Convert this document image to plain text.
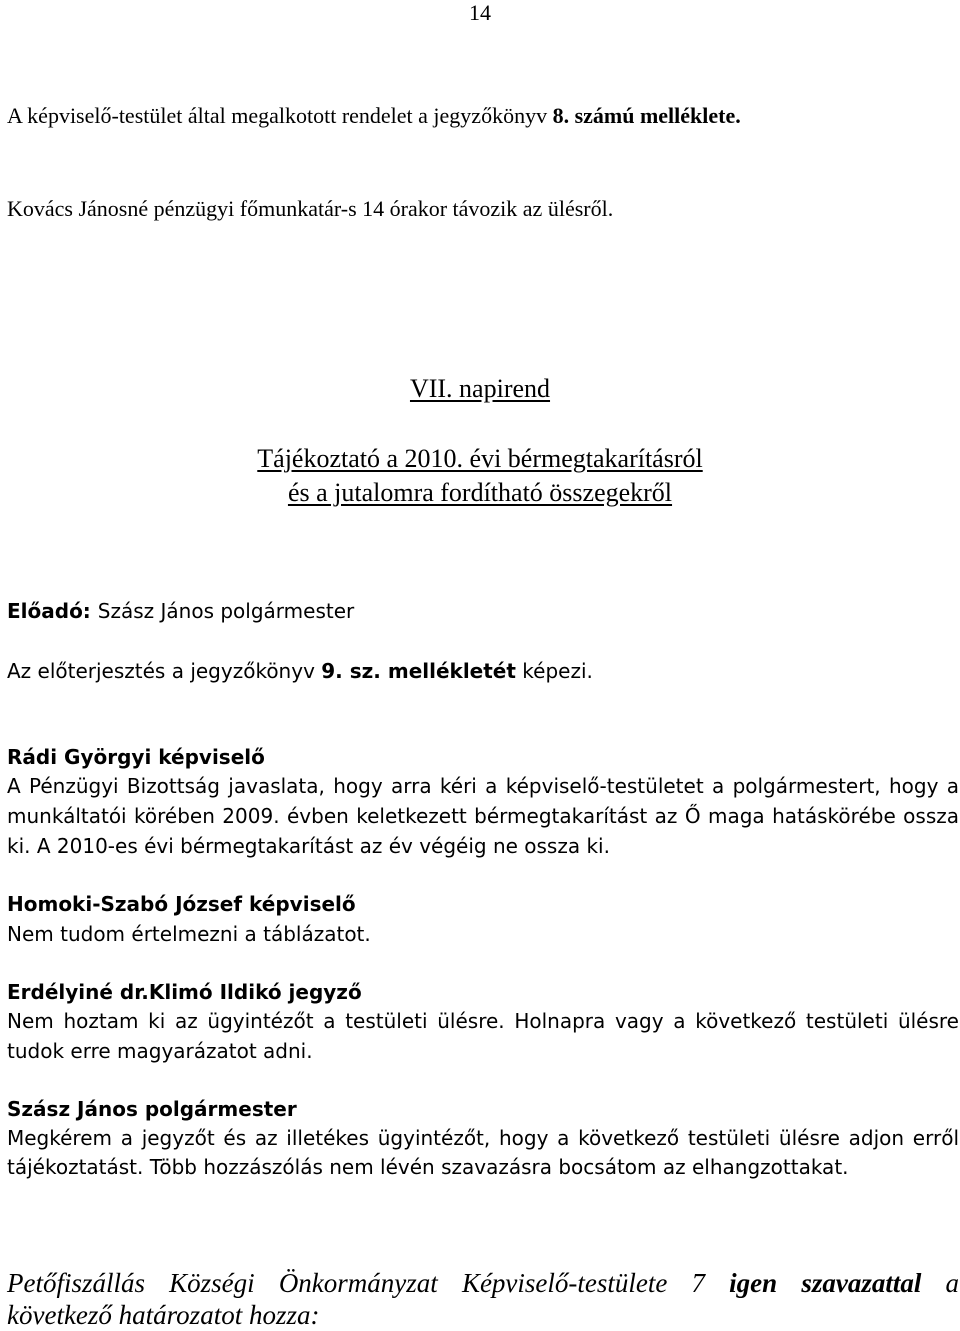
14
A képviselő-testület által megalkotott rendelet a jegyzőkönyv 8. számú melléklete.
Kovács Jánosné pénzügyi főmunkatár-s 14 órakor távozik az ülésről.
VII. napirend
Tájékoztató a 2010. évi bérmegtakarításról
és a jutalomra fordítható összegekről
Előadó: Szász János polgármester
Az előterjesztés a jegyzőkönyv 9. sz. mellékletét képezi.
Rádi Györgyi képviselő
A Pénzügyi Bizottság javaslata, hogy arra kéri a képviselő-testületet a polgármestert, hogy a
munkáltatói körében 2009. évben keletkezett bérmegtakarítást az Ő maga hatáskörébe ossza
ki. A 2010-es évi bérmegtakarítást az év végéig ne ossza ki.
Homoki-Szabó József képviselő
Nem tudom értelmezni a táblázatot.
Erdélyiné dr.Klimó Ildikó jegyző
Nem hoztam ki az ügyintézőt a testületi ülésre. Holnapra vagy a következő testületi ülésre
tudok erre magyarázatot adni.
Szász János polgármester
Megkérem a jegyzőt és az illetékes ügyintézőt, hogy a következő testületi ülésre adjon erről
tájékoztatást. Több hozzászólás nem lévén szavazásra bocsátom az elhangzottakat.
Petőfiszállás Községi Önkormányzat Képviselő-testülete 7 igen szavazattal a
következő határozatot hozza:
